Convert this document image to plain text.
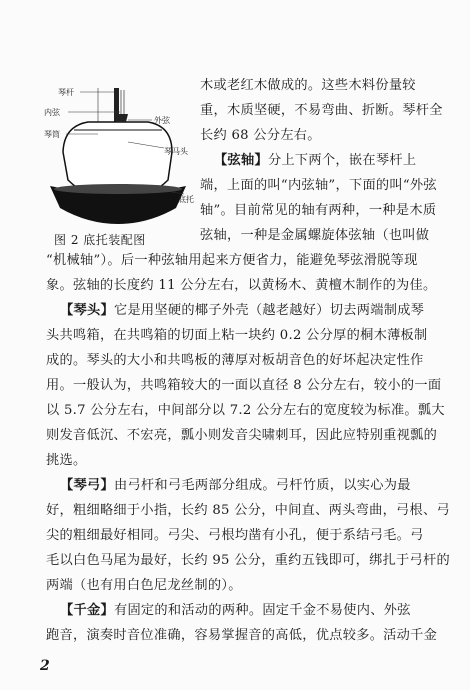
琴杆
内弦
外弦
琴筒
琴马头
底托
图 2 底托装配图
木或老红木做成的。这些木料份量较
重，木质坚硬，不易弯曲、折断。琴杆全
长约 68 公分左右。
【弦轴】分上下两个，嵌在琴杆上
端，上面的叫“内弦轴”，下面的叫“外弦
轴”。目前常见的轴有两种，一种是木质
弦轴，一种是金属螺旋体弦轴（也叫做
“机械轴”）。后一种弦轴用起来方便省力，能避免琴弦滑脱等现
象。弦轴的长度约 11 公分左右，以黄杨木、黄檀木制作的为佳。
【琴头】它是用坚硬的椰子外壳（越老越好）切去两端制成琴
头共鸣箱，在共鸣箱的切面上粘一块约 0.2 公分厚的桐木薄板制
成的。琴头的大小和共鸣板的薄厚对板胡音色的好坏起决定性作
用。一般认为，共鸣箱较大的一面以直径 8 公分左右，较小的一面
以 5.7 公分左右，中间部分以 7.2 公分左右的宽度较为标准。瓢大
则发音低沉、不宏亮，瓢小则发音尖啸刺耳，因此应特别重视瓢的
挑选。
【琴弓】由弓杆和弓毛两部分组成。弓杆竹质，以实心为最
好，粗细略细于小指，长约 85 公分，中间直、两头弯曲，弓根、弓
尖的粗细最好相同。弓尖、弓根均凿有小孔，便于系结弓毛。弓
毛以白色马尾为最好，长约 95 公分，重约五钱即可，绑扎于弓杆的
两端（也有用白色尼龙丝制的）。
【千金】有固定的和活动的两种。固定千金不易使内、外弦
跑音，演奏时音位准确，容易掌握音的高低，优点较多。活动千金
2
